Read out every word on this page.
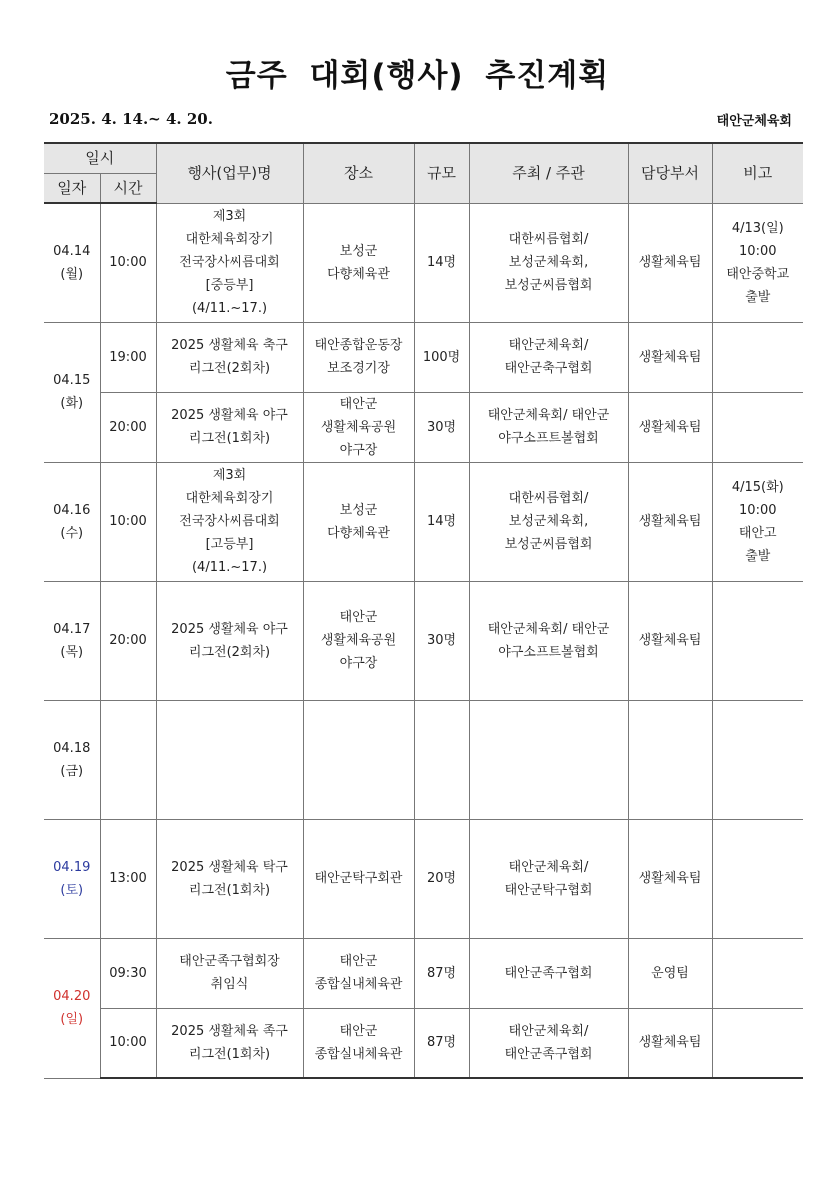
금주 대회(행사) 추진계획
2025. 4. 14.~ 4. 20.	태안군체육회
일시		행사(업무)명	장소	규모	주최 / 주관	담당부서	비고
일자	시간						

04.14
(월)	10:00	제3회
대한체육회장기
전국장사씨름대회
[중등부]
(4/11.~17.)	보성군
다향체육관	14명	대한씨름협회/
보성군체육회,
보성군씨름협회	생활체육팀	4/13(일)
10:00
태안중학교
출발

04.15
(화)	19:00	2025 생활체육 축구
리그전(2회차)	태안종합운동장
보조경기장	100명	태안군체육회/
태안군축구협회	생활체육팀	
	20:00	2025 생활체육 야구
리그전(1회차)	태안군
생활체육공원
야구장	30명	태안군체육회/ 태안군
야구소프트볼협회	생활체육팀	

04.16
(수)	10:00	제3회
대한체육회장기
전국장사씨름대회
[고등부]
(4/11.~17.)	보성군
다향체육관	14명	대한씨름협회/
보성군체육회,
보성군씨름협회	생활체육팀	4/15(화)
10:00
태안고
출발

04.17
(목)	20:00	2025 생활체육 야구
리그전(2회차)	태안군
생활체육공원
야구장	30명	태안군체육회/ 태안군
야구소프트볼협회	생활체육팀	

04.18
(금)							

04.19
(토)	13:00	2025 생활체육 탁구
리그전(1회차)	태안군탁구회관	20명	태안군체육회/
태안군탁구협회	생활체육팀	

04.20
(일)	09:30	태안군족구협회장
취임식	태안군
종합실내체육관	87명	태안군족구협회	운영팀	
	10:00	2025 생활체육 족구
리그전(1회차)	태안군
종합실내체육관	87명	태안군체육회/
태안군족구협회	생활체육팀	
